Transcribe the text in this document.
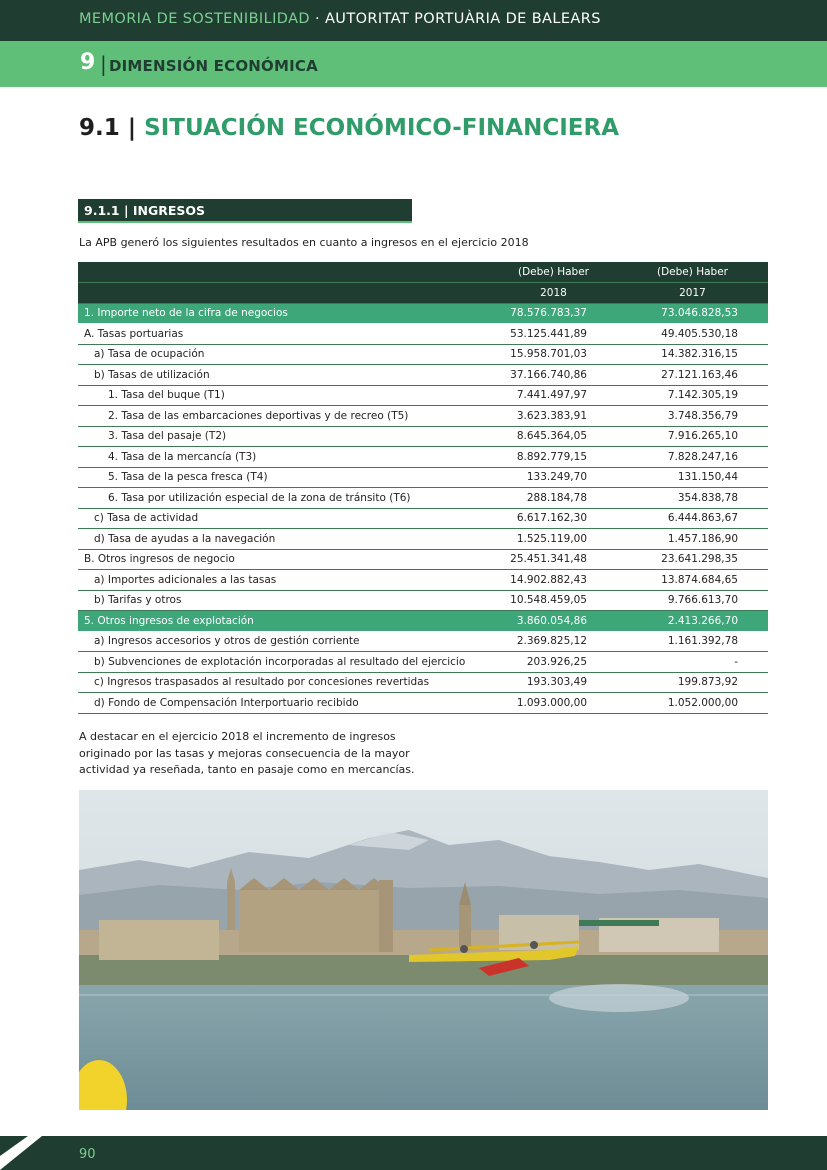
MEMORIA DE SOSTENIBILIDAD · AUTORITAT PORTUÀRIA DE BALEARS
9 | DIMENSIÓN ECONÓMICA
9.1 | SITUACIÓN ECONÓMICO-FINANCIERA
9.1.1 | INGRESOS

La APB generó los siguientes resultados en cuanto a ingresos en el ejercicio 2018

	(Debe) Haber	(Debe) Haber
	2018	2017
1. Importe neto de la cifra de negocios	78.576.783,37	73.046.828,53
A. Tasas portuarias	53.125.441,89	49.405.530,18
a) Tasa de ocupación	15.958.701,03	14.382.316,15
b) Tasas de utilización	37.166.740,86	27.121.163,46
1. Tasa del buque (T1)	7.441.497,97	7.142.305,19
2. Tasa de las embarcaciones deportivas y de recreo (T5)	3.623.383,91	3.748.356,79
3. Tasa del pasaje (T2)	8.645.364,05	7.916.265,10
4. Tasa de la mercancía (T3)	8.892.779,15	7.828.247,16
5. Tasa de la pesca fresca (T4)	133.249,70	131.150,44
6. Tasa por utilización especial de la zona de tránsito (T6)	288.184,78	354.838,78
c) Tasa de actividad	6.617.162,30	6.444.863,67
d) Tasa de ayudas a la navegación	1.525.119,00	1.457.186,90
B. Otros ingresos de negocio	25.451.341,48	23.641.298,35
a) Importes adicionales a las tasas	14.902.882,43	13.874.684,65
b) Tarifas y otros	10.548.459,05	9.766.613,70
5. Otros ingresos de explotación	3.860.054,86	2.413.266,70
a) Ingresos accesorios y otros de gestión corriente	2.369.825,12	1.161.392,78
b) Subvenciones de explotación incorporadas al resultado del ejercicio	203.926,25	-
c) Ingresos traspasados al resultado por concesiones revertidas	193.303,49	199.873,92
d) Fondo de Compensación Interportuario recibido	1.093.000,00	1.052.000,00

A destacar en el ejercicio 2018 el incremento de ingresos originado por las tasas y mejoras consecuencia de la mayor actividad ya reseñada, tanto en pasaje como en mercancías.

90
